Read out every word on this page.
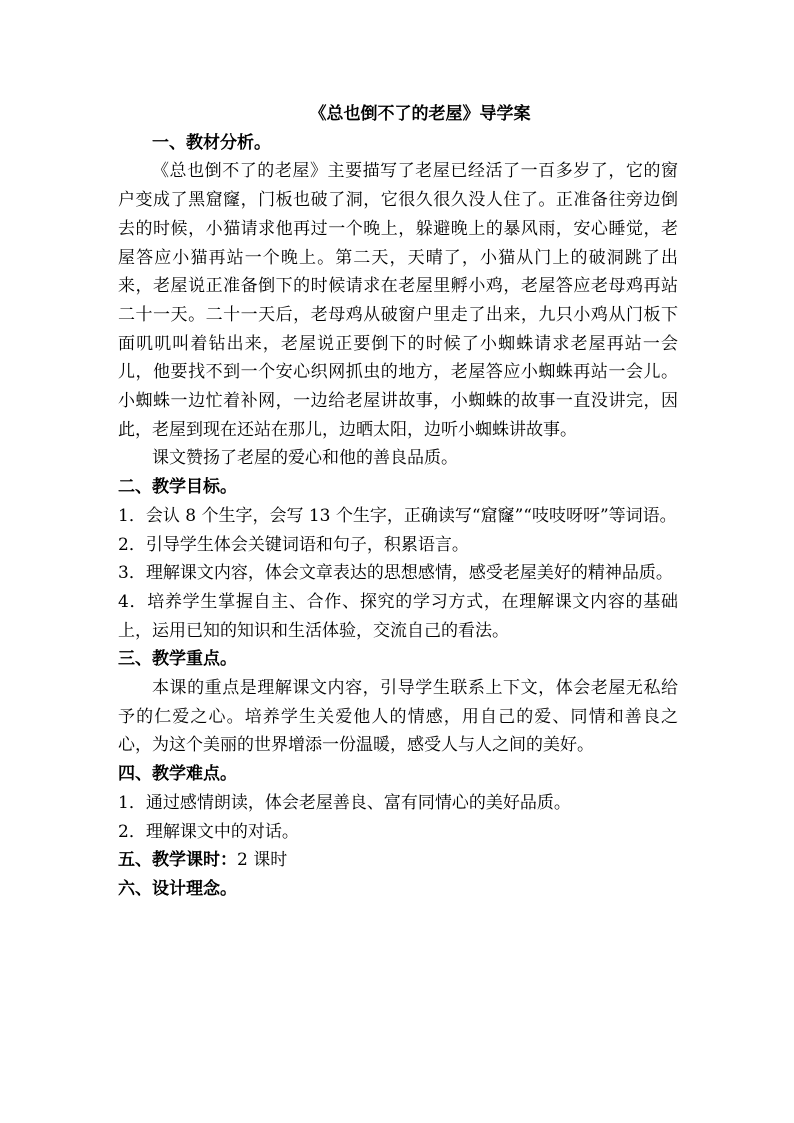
《总也倒不了的老屋》导学案

一、教材分析。

《总也倒不了的老屋》主要描写了老屋已经活了一百多岁了，它的窗户变成了黑窟窿，门板也破了洞，它很久很久没人住了。正准备往旁边倒去的时候，小猫请求他再过一个晚上，躲避晚上的暴风雨，安心睡觉，老屋答应小猫再站一个晚上。第二天，天晴了，小猫从门上的破洞跳了出来，老屋说正准备倒下的时候请求在老屋里孵小鸡，老屋答应老母鸡再站二十一天。二十一天后，老母鸡从破窗户里走了出来，九只小鸡从门板下面叽叽叫着钻出来，老屋说正要倒下的时候了小蜘蛛请求老屋再站一会儿，他要找不到一个安心织网抓虫的地方，老屋答应小蜘蛛再站一会儿。小蜘蛛一边忙着补网，一边给老屋讲故事，小蜘蛛的故事一直没讲完，因此，老屋到现在还站在那儿，边晒太阳，边听小蜘蛛讲故事。

课文赞扬了老屋的爱心和他的善良品质。

二、教学目标。

1．会认 8 个生字，会写 13 个生字，正确读写“窟窿”“吱吱呀呀”等词语。

2．引导学生体会关键词语和句子，积累语言。

3．理解课文内容，体会文章表达的思想感情，感受老屋美好的精神品质。

4．培养学生掌握自主、合作、探究的学习方式，在理解课文内容的基础上，运用已知的知识和生活体验，交流自己的看法。

三、教学重点。

本课的重点是理解课文内容，引导学生联系上下文，体会老屋无私给予的仁爱之心。培养学生关爱他人的情感，用自己的爱、同情和善良之心，为这个美丽的世界增添一份温暖，感受人与人之间的美好。

四、教学难点。

1．通过感情朗读，体会老屋善良、富有同情心的美好品质。

2．理解课文中的对话。

五、教学课时：2 课时

六、设计理念。
